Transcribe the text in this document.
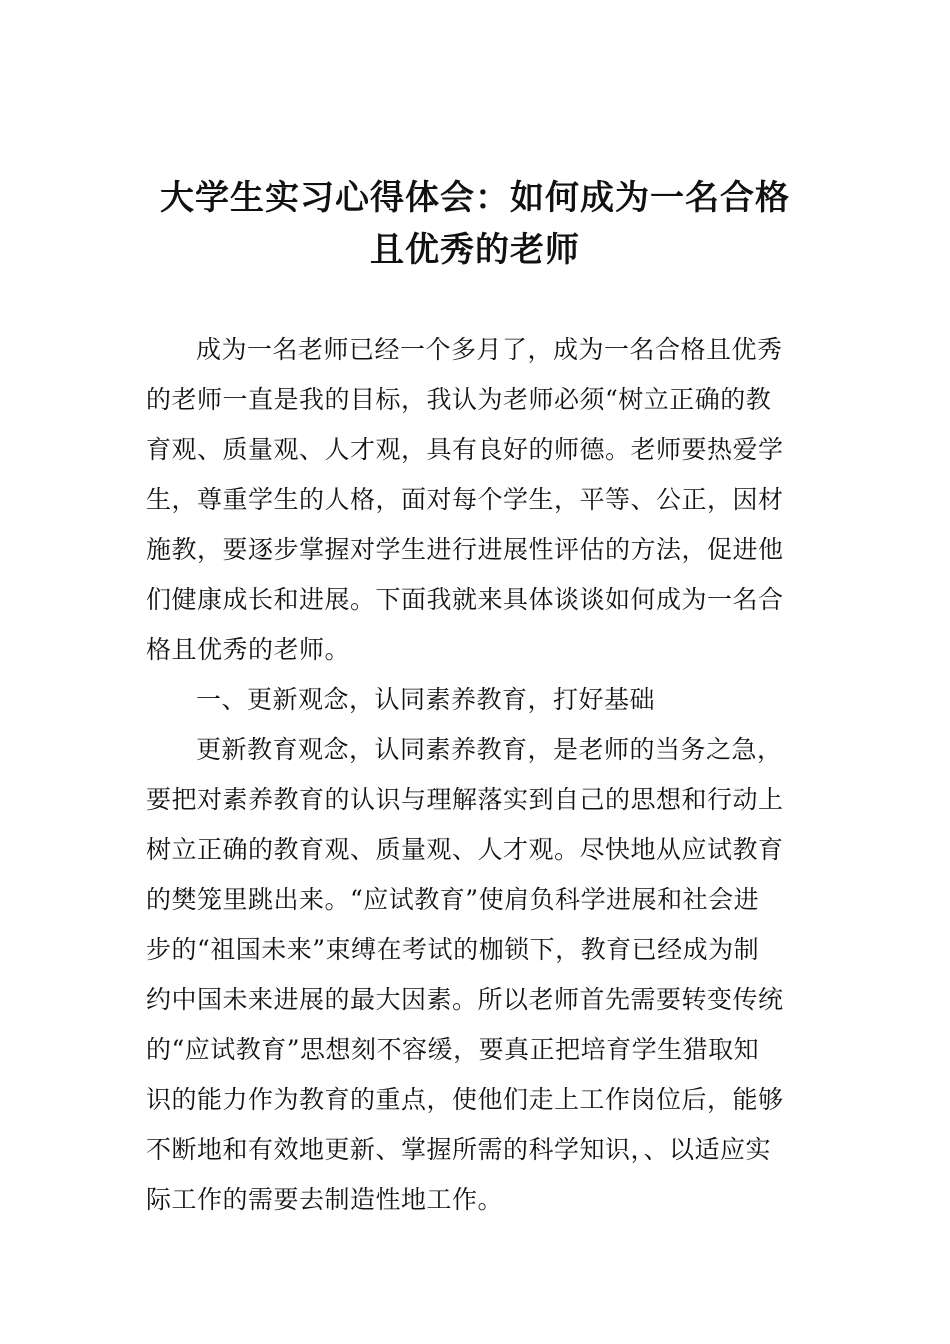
大学生实习心得体会：如何成为一名合格
且优秀的老师
成为一名老师已经一个多月了，成为一名合格且优秀
的老师一直是我的目标，我认为老师必须“树立正确的教
育观、质量观、人才观，具有良好的师德。老师要热爱学
生，尊重学生的人格，面对每个学生，平等、公正，因材
施教，要逐步掌握对学生进行进展性评估的方法，促进他
们健康成长和进展。下面我就来具体谈谈如何成为一名合
格且优秀的老师。
一、更新观念，认同素养教育，打好基础
更新教育观念，认同素养教育，是老师的当务之急，
要把对素养教育的认识与理解落实到自己的思想和行动上
树立正确的教育观、质量观、人才观。尽快地从应试教育
的樊笼里跳出来。“应试教育”使肩负科学进展和社会进
步的“祖国未来”束缚在考试的枷锁下，教育已经成为制
约中国未来进展的最大因素。所以老师首先需要转变传统
的“应试教育”思想刻不容缓，要真正把培育学生猎取知
识的能力作为教育的重点，使他们走上工作岗位后，能够
不断地和有效地更新、掌握所需的科学知识，、以适应实
际工作的需要去制造性地工作。
